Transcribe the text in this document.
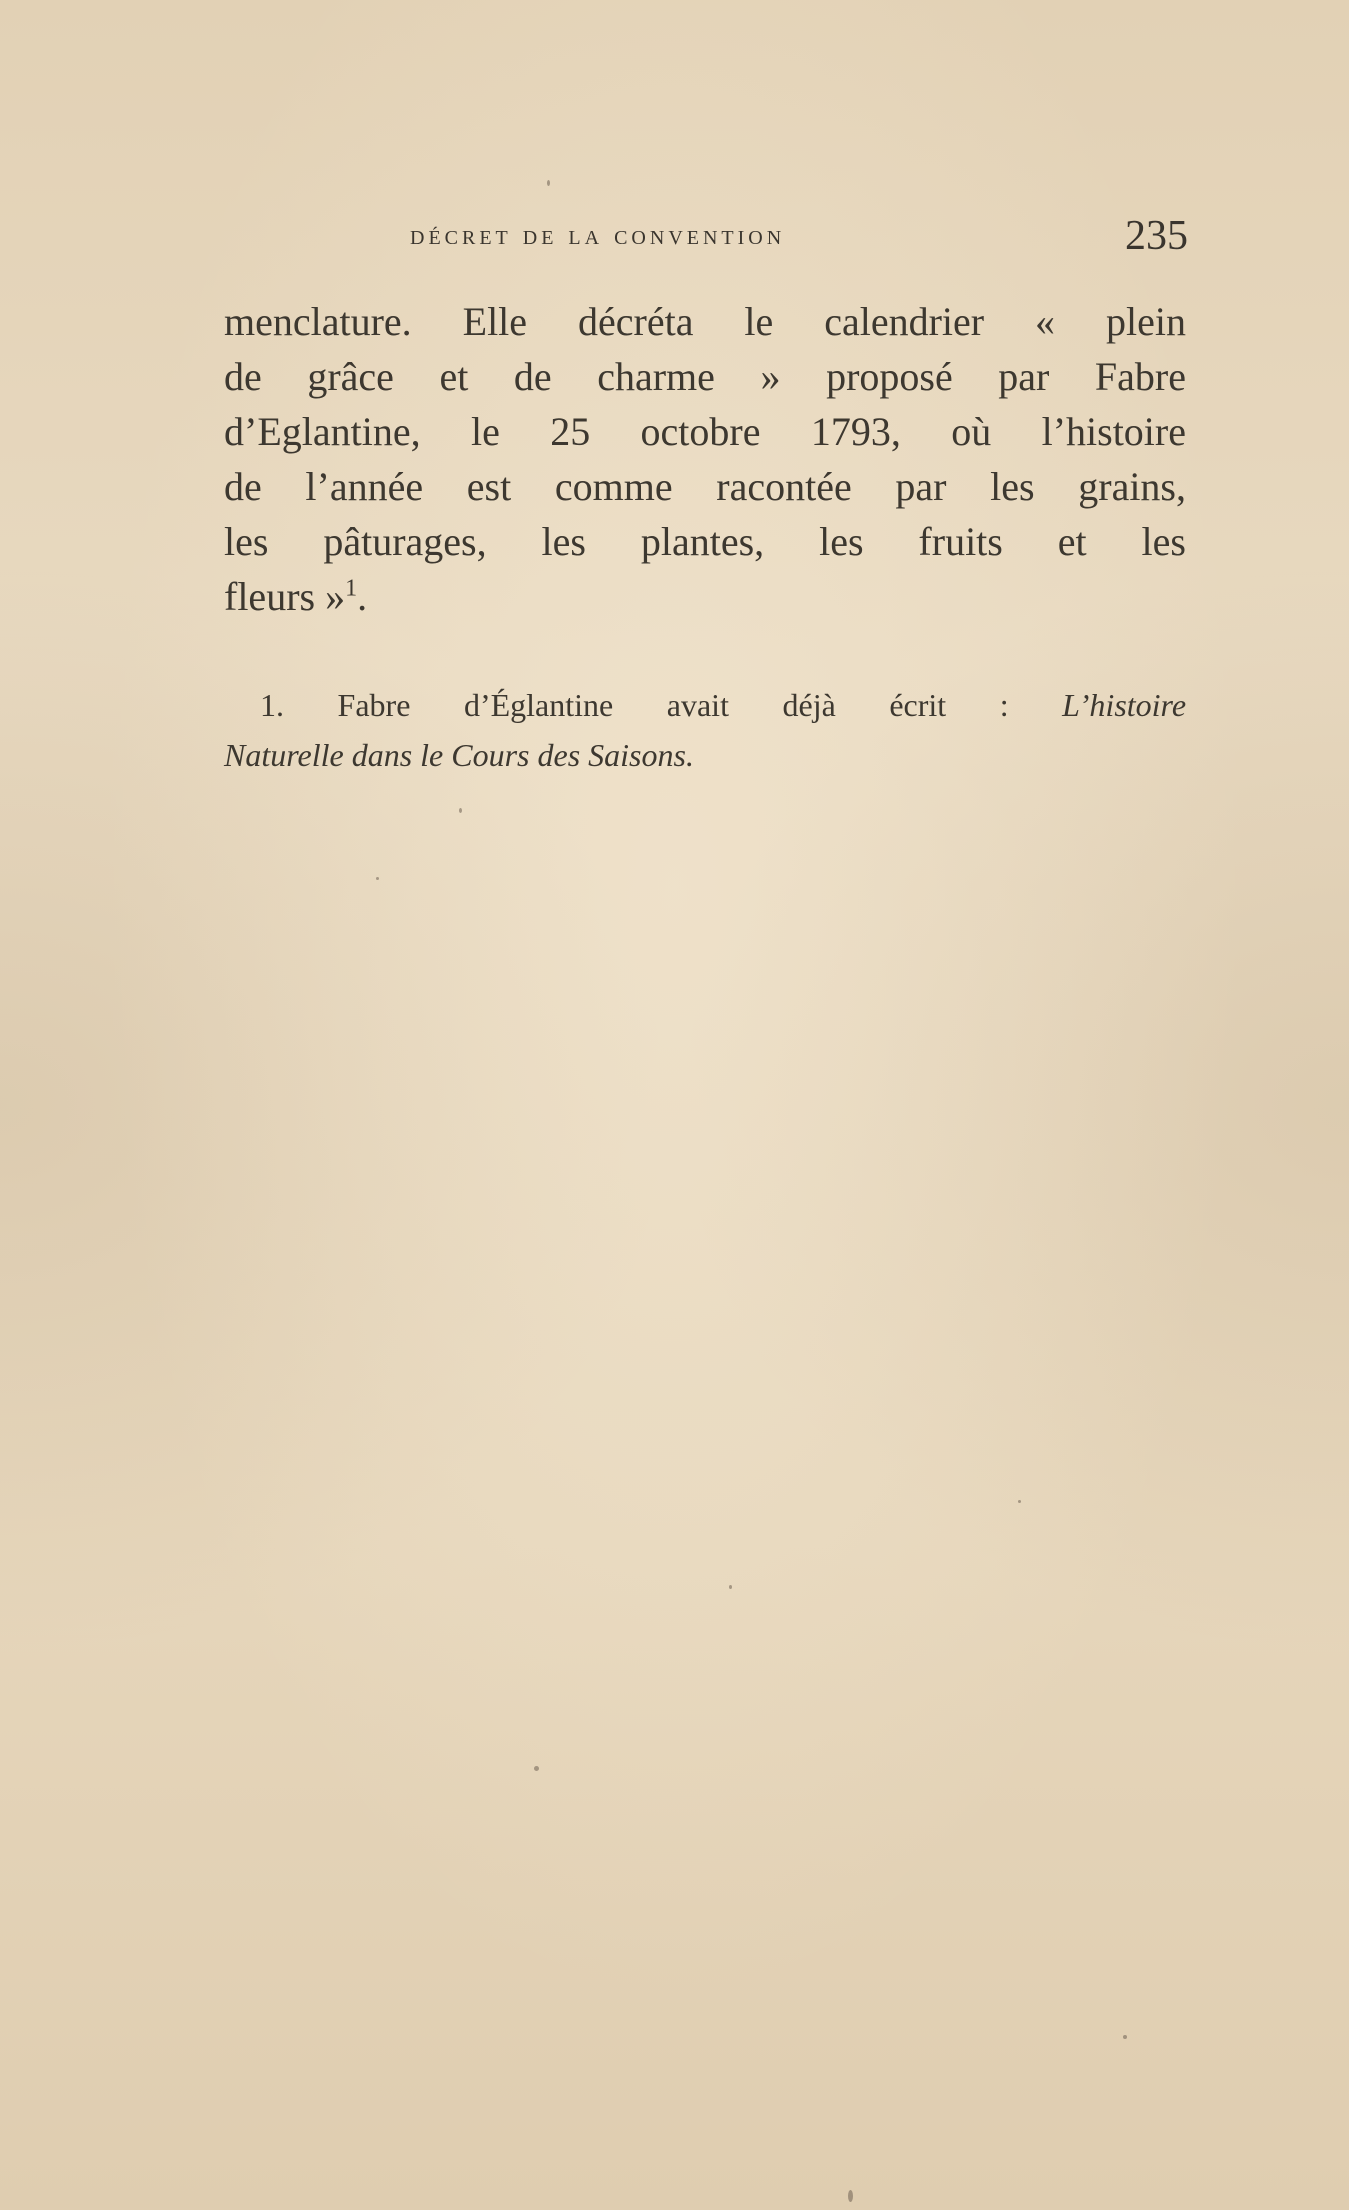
décret de la convention	235
menclature. Elle décréta le calendrier « plein
de grâce et de charme » proposé par Fabre
d’Eglantine, le 25 octobre 1793, où l’histoire
de l’année est comme racontée par les grains,
les pâturages, les plantes, les fruits et les
fleurs »$^1$.
1. Fabre d’Églantine avait déjà écrit : L’histoire
Naturelle dans le Cours des Saisons.
